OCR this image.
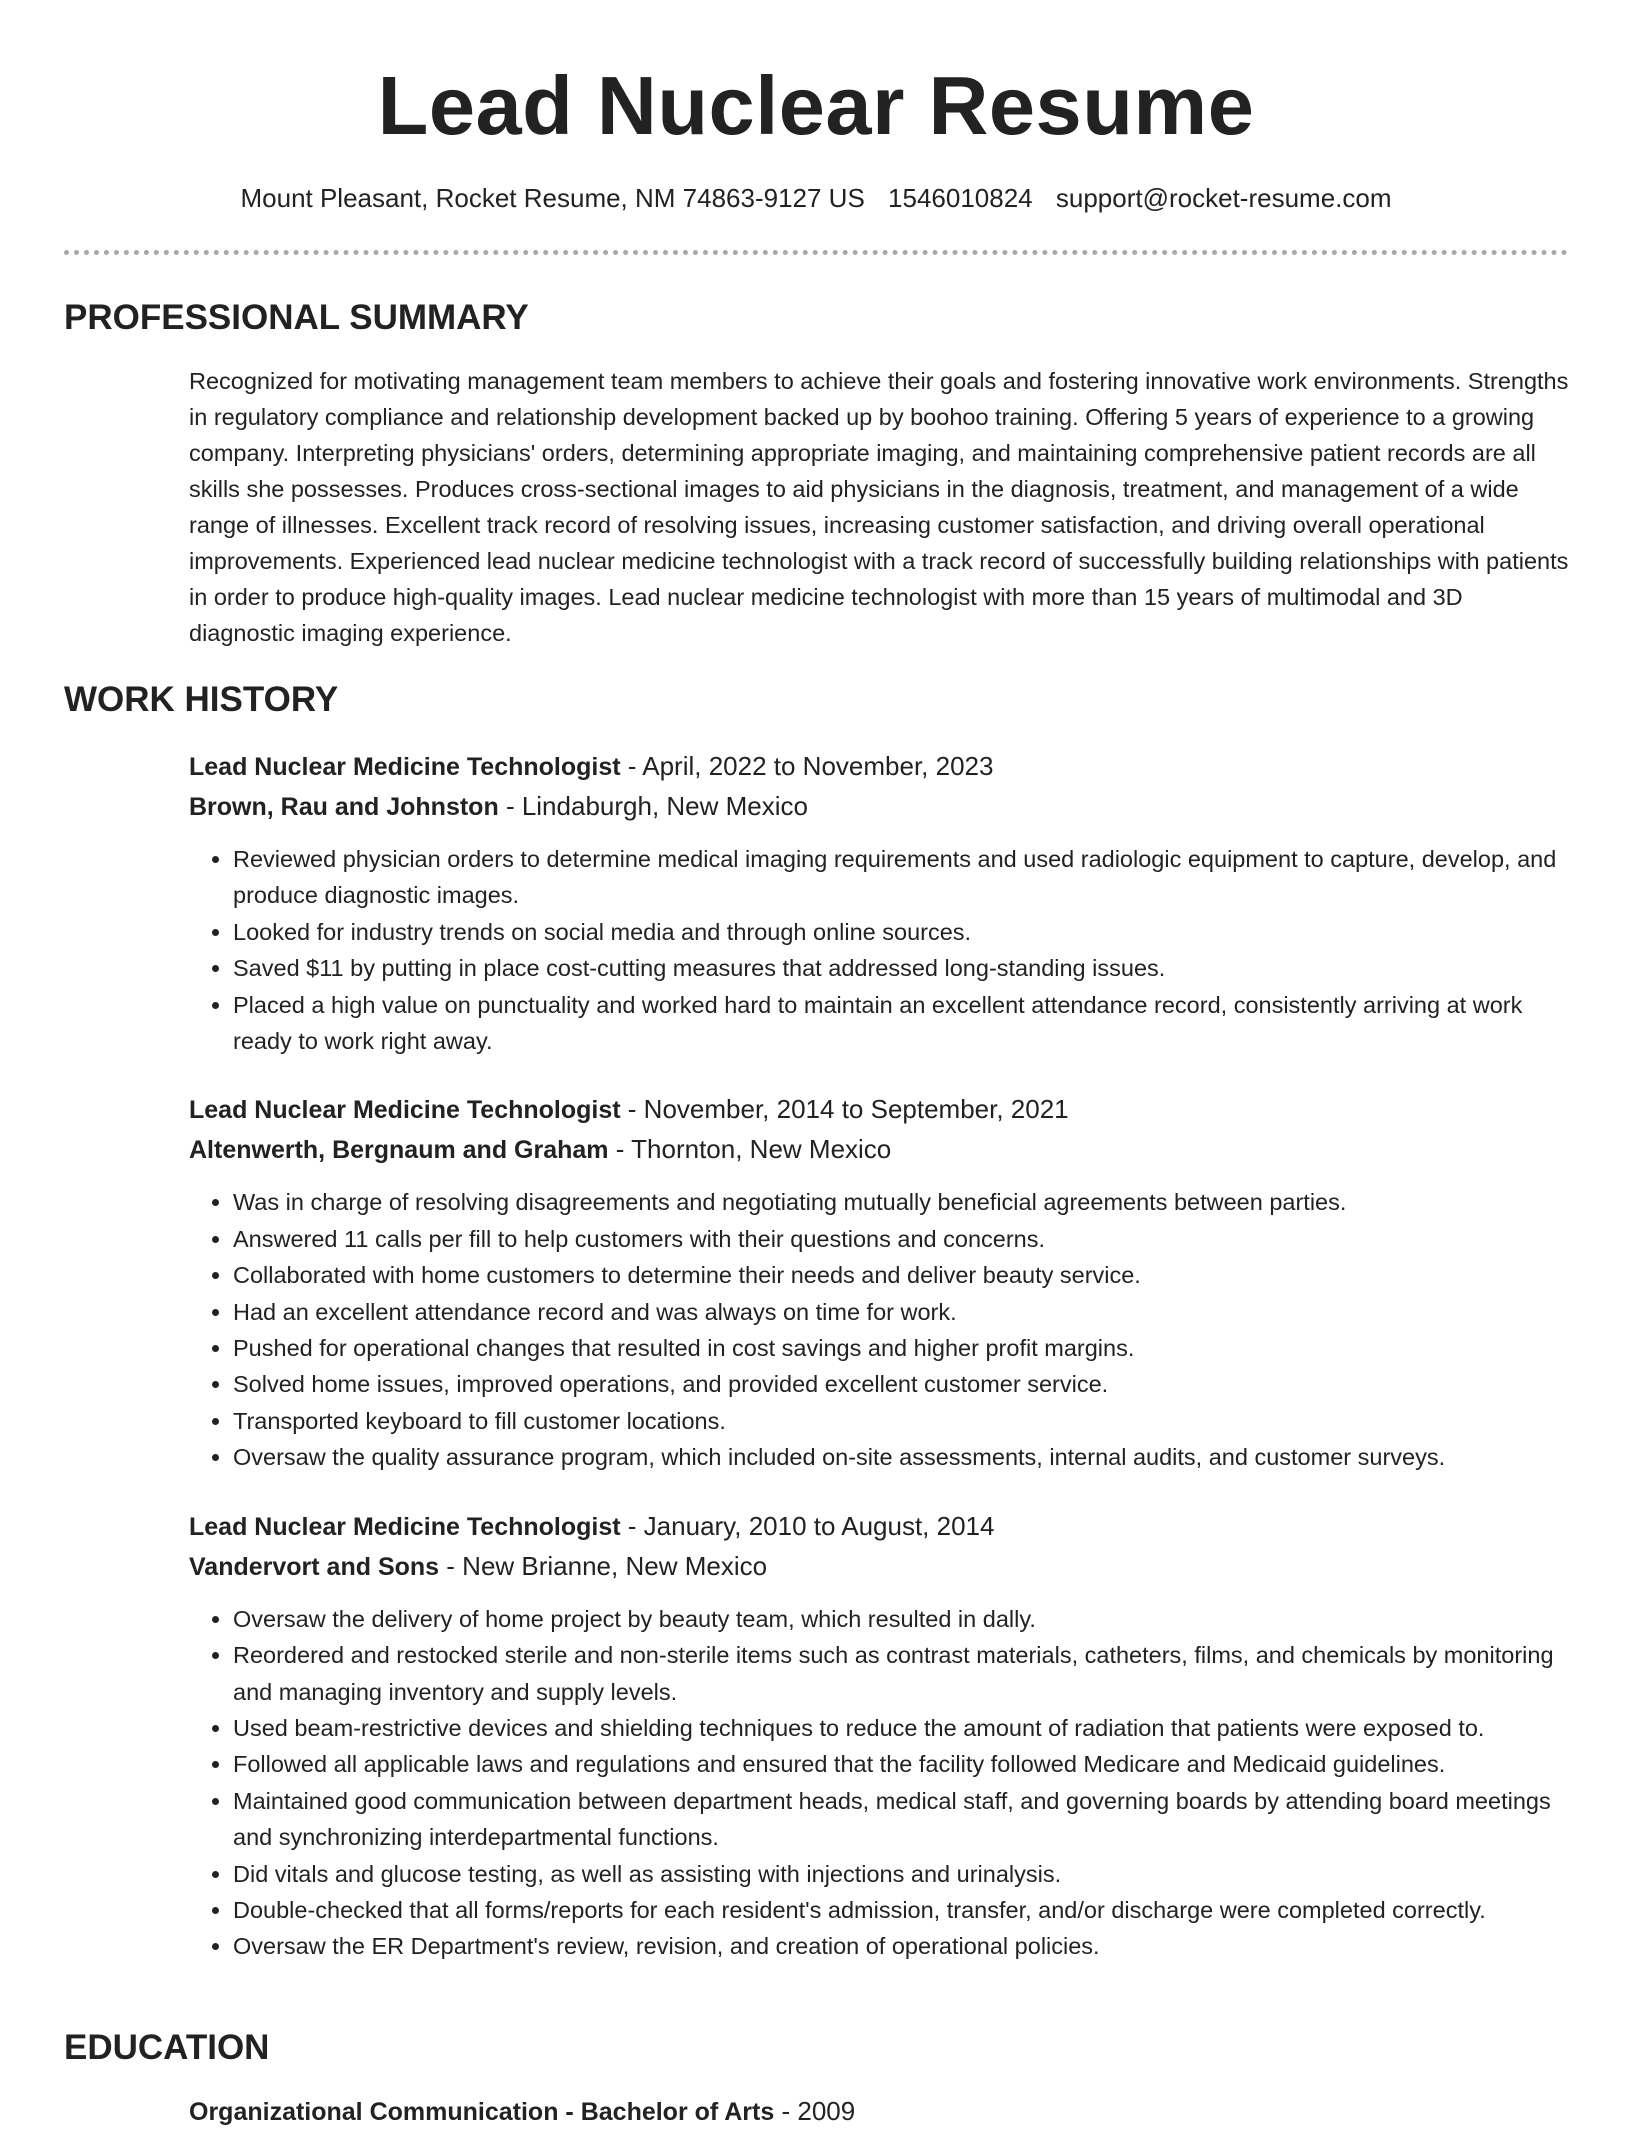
Lead Nuclear Resume
Mount Pleasant, Rocket Resume, NM 74863-9127 US 1546010824 support@rocket-resume.com
PROFESSIONAL SUMMARY

Recognized for motivating management team members to achieve their goals and fostering innovative work environments. Strengths in regulatory compliance and relationship development backed up by boohoo training. Offering 5 years of experience to a growing company. Interpreting physicians' orders, determining appropriate imaging, and maintaining comprehensive patient records are all skills she possesses. Produces cross-sectional images to aid physicians in the diagnosis, treatment, and management of a wide range of illnesses. Excellent track record of resolving issues, increasing customer satisfaction, and driving overall operational improvements. Experienced lead nuclear medicine technologist with a track record of successfully building relationships with patients in order to produce high-quality images. Lead nuclear medicine technologist with more than 15 years of multimodal and 3D diagnostic imaging experience.

WORK HISTORY

Lead Nuclear Medicine Technologist - April, 2022 to November, 2023

Brown, Rau and Johnston - Lindaburgh, New Mexico

• Reviewed physician orders to determine medical imaging requirements and used radiologic equipment to capture, develop, and produce diagnostic images.
• Looked for industry trends on social media and through online sources.
• Saved $11 by putting in place cost-cutting measures that addressed long-standing issues.
• Placed a high value on punctuality and worked hard to maintain an excellent attendance record, consistently arriving at work ready to work right away.

Lead Nuclear Medicine Technologist - November, 2014 to September, 2021

Altenwerth, Bergnaum and Graham - Thornton, New Mexico

• Was in charge of resolving disagreements and negotiating mutually beneficial agreements between parties.
• Answered 11 calls per fill to help customers with their questions and concerns.
• Collaborated with home customers to determine their needs and deliver beauty service.
• Had an excellent attendance record and was always on time for work.
• Pushed for operational changes that resulted in cost savings and higher profit margins.
• Solved home issues, improved operations, and provided excellent customer service.
• Transported keyboard to fill customer locations.
• Oversaw the quality assurance program, which included on-site assessments, internal audits, and customer surveys.

Lead Nuclear Medicine Technologist - January, 2010 to August, 2014

Vandervort and Sons - New Brianne, New Mexico

• Oversaw the delivery of home project by beauty team, which resulted in dally.
• Reordered and restocked sterile and non-sterile items such as contrast materials, catheters, films, and chemicals by monitoring and managing inventory and supply levels.
• Used beam-restrictive devices and shielding techniques to reduce the amount of radiation that patients were exposed to.
• Followed all applicable laws and regulations and ensured that the facility followed Medicare and Medicaid guidelines.
• Maintained good communication between department heads, medical staff, and governing boards by attending board meetings and synchronizing interdepartmental functions.
• Did vitals and glucose testing, as well as assisting with injections and urinalysis.
• Double-checked that all forms/reports for each resident's admission, transfer, and/or discharge were completed correctly.
• Oversaw the ER Department's review, revision, and creation of operational policies.
EDUCATION

Organizational Communication - Bachelor of Arts - 2009
